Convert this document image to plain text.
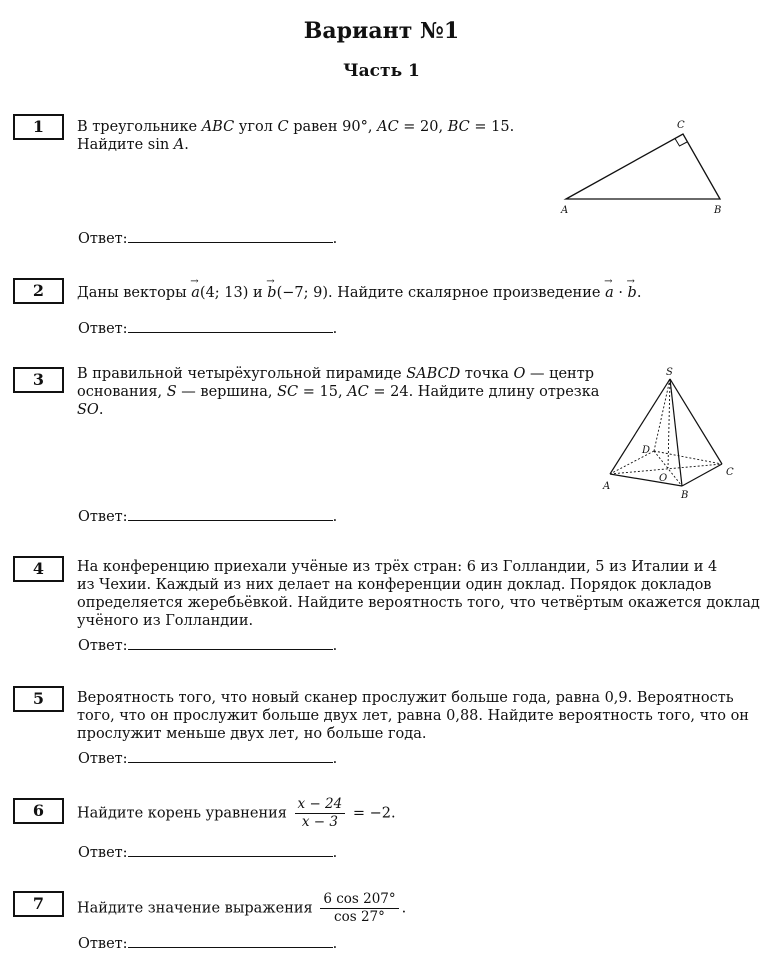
Вариант №1
Часть 1
1	В треугольнике ABC угол C равен 90°, AC = 20, BC = 15.
Найдите sin A.
A	B
C
Ответ:	.
2	Даны векторы → a(4; 13) и → b(−7; 9). Найдите скалярное произведение → a · → b.
Ответ:	.
3	В правильной четырёхугольной пирамиде SABCD точка O — центр
основания, S — вершина, SC = 15, AC = 24. Найдите длину отрезка
SO.
S
D
C
O
A
B
Ответ:	.
4	На конференцию приехали учёные из трёх стран: 6 из Голландии, 5 из Италии и 4
из Чехии. Каждый из них делает на конференции один доклад. Порядок докладов
определяется жеребьёвкой. Найдите вероятность того, что четвёртым окажется доклад
учёного из Голландии.
Ответ:	.
5	Вероятность того, что новый сканер прослужит больше года, равна 0,9. Вероятность
того, что он прослужит больше двух лет, равна 0,88. Найдите вероятность того, что он
прослужит меньше двух лет, но больше года.
Ответ:	.
6	Найдите корень уравнения $\frac{x - 24}{x - 3} = -2$.
Ответ:	.
7	Найдите значение выражения $\frac{6 \cos 207^\circ}{\cos 27^\circ}$ .
Ответ:	.
